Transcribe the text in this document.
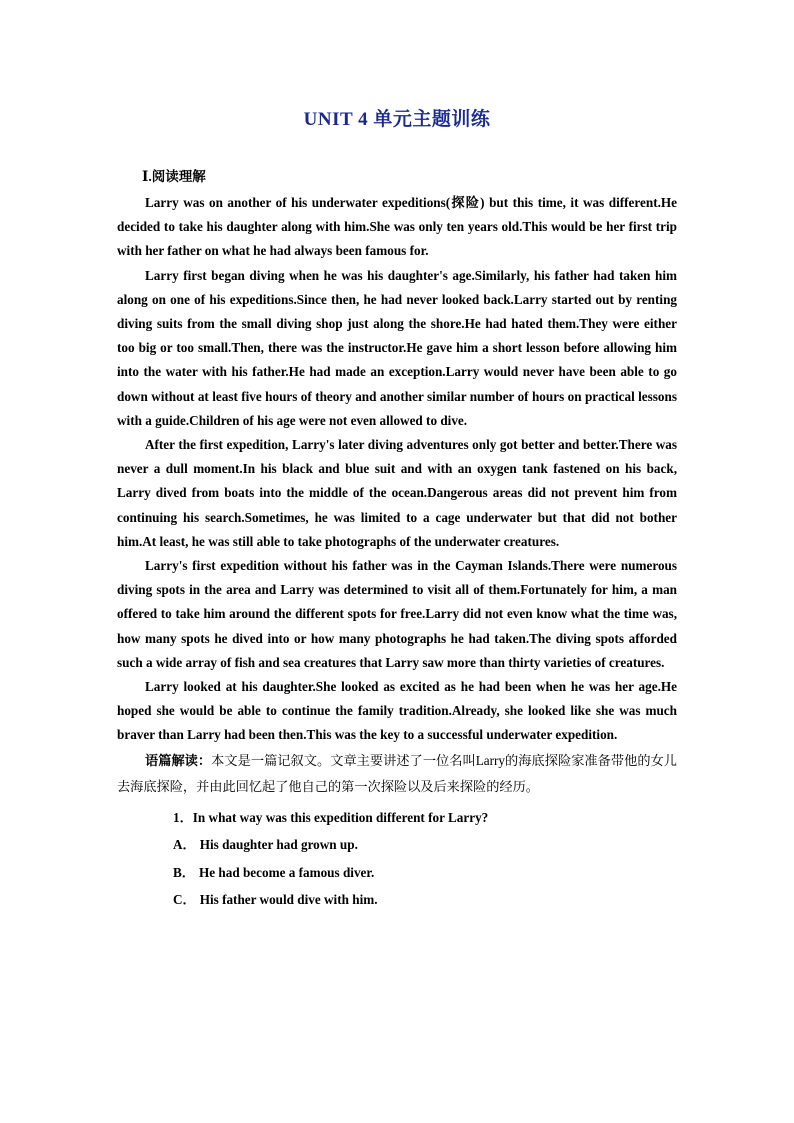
UNIT 4 单元主题训练
Ⅰ.阅读理解

Larry was on another of his underwater expeditions(探险) but this time, it was different.He decided to take his daughter along with him.She was only ten years old.This would be her first trip with her father on what he had always been famous for.

Larry first began diving when he was his daughter's age.Similarly, his father had taken him along on one of his expeditions.Since then, he had never looked back.Larry started out by renting diving suits from the small diving shop just along the shore.He had hated them.They were either too big or too small.Then, there was the instructor.He gave him a short lesson before allowing him into the water with his father.He had made an exception.Larry would never have been able to go down without at least five hours of theory and another similar number of hours on practical lessons with a guide.Children of his age were not even allowed to dive.

After the first expedition, Larry's later diving adventures only got better and better.There was never a dull moment.In his black and blue suit and with an oxygen tank fastened on his back, Larry dived from boats into the middle of the ocean.Dangerous areas did not prevent him from continuing his search.Sometimes, he was limited to a cage underwater but that did not bother him.At least, he was still able to take photographs of the underwater creatures.

Larry's first expedition without his father was in the Cayman Islands.There were numerous diving spots in the area and Larry was determined to visit all of them.Fortunately for him, a man offered to take him around the different spots for free.Larry did not even know what the time was, how many spots he dived into or how many photographs he had taken.The diving spots afforded such a wide array of fish and sea creatures that Larry saw more than thirty varieties of creatures.

Larry looked at his daughter.She looked as excited as he had been when he was her age.He hoped she would be able to continue the family tradition.Already, she looked like she was much braver than Larry had been then.This was the key to a successful underwater expedition.

语篇解读：本文是一篇记叙文。文章主要讲述了一位名叫Larry的海底探险家准备带他的女儿去海底探险，并由此回忆起了他自己的第一次探险以及后来探险的经历。

1．In what way was this expedition different for Larry?

A． His daughter had grown up.

B． He had become a famous diver.

C． His father would dive with him.
